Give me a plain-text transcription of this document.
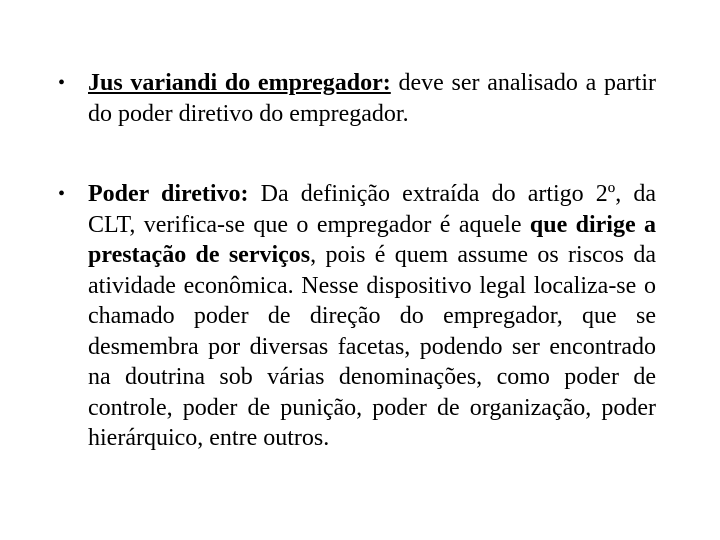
• Jus variandi do empregador: deve ser analisado a partir do poder diretivo do empregador.
• Poder diretivo: Da definição extraída do artigo 2º, da CLT, verifica-se que o empregador é aquele que dirige a prestação de serviços, pois é quem assume os riscos da atividade econômica. Nesse dispositivo legal localiza-se o chamado poder de direção do empregador, que se desmembra por diversas facetas, podendo ser encontrado na doutrina sob várias denominações, como poder de controle, poder de punição, poder de organização, poder hierárquico, entre outros.
